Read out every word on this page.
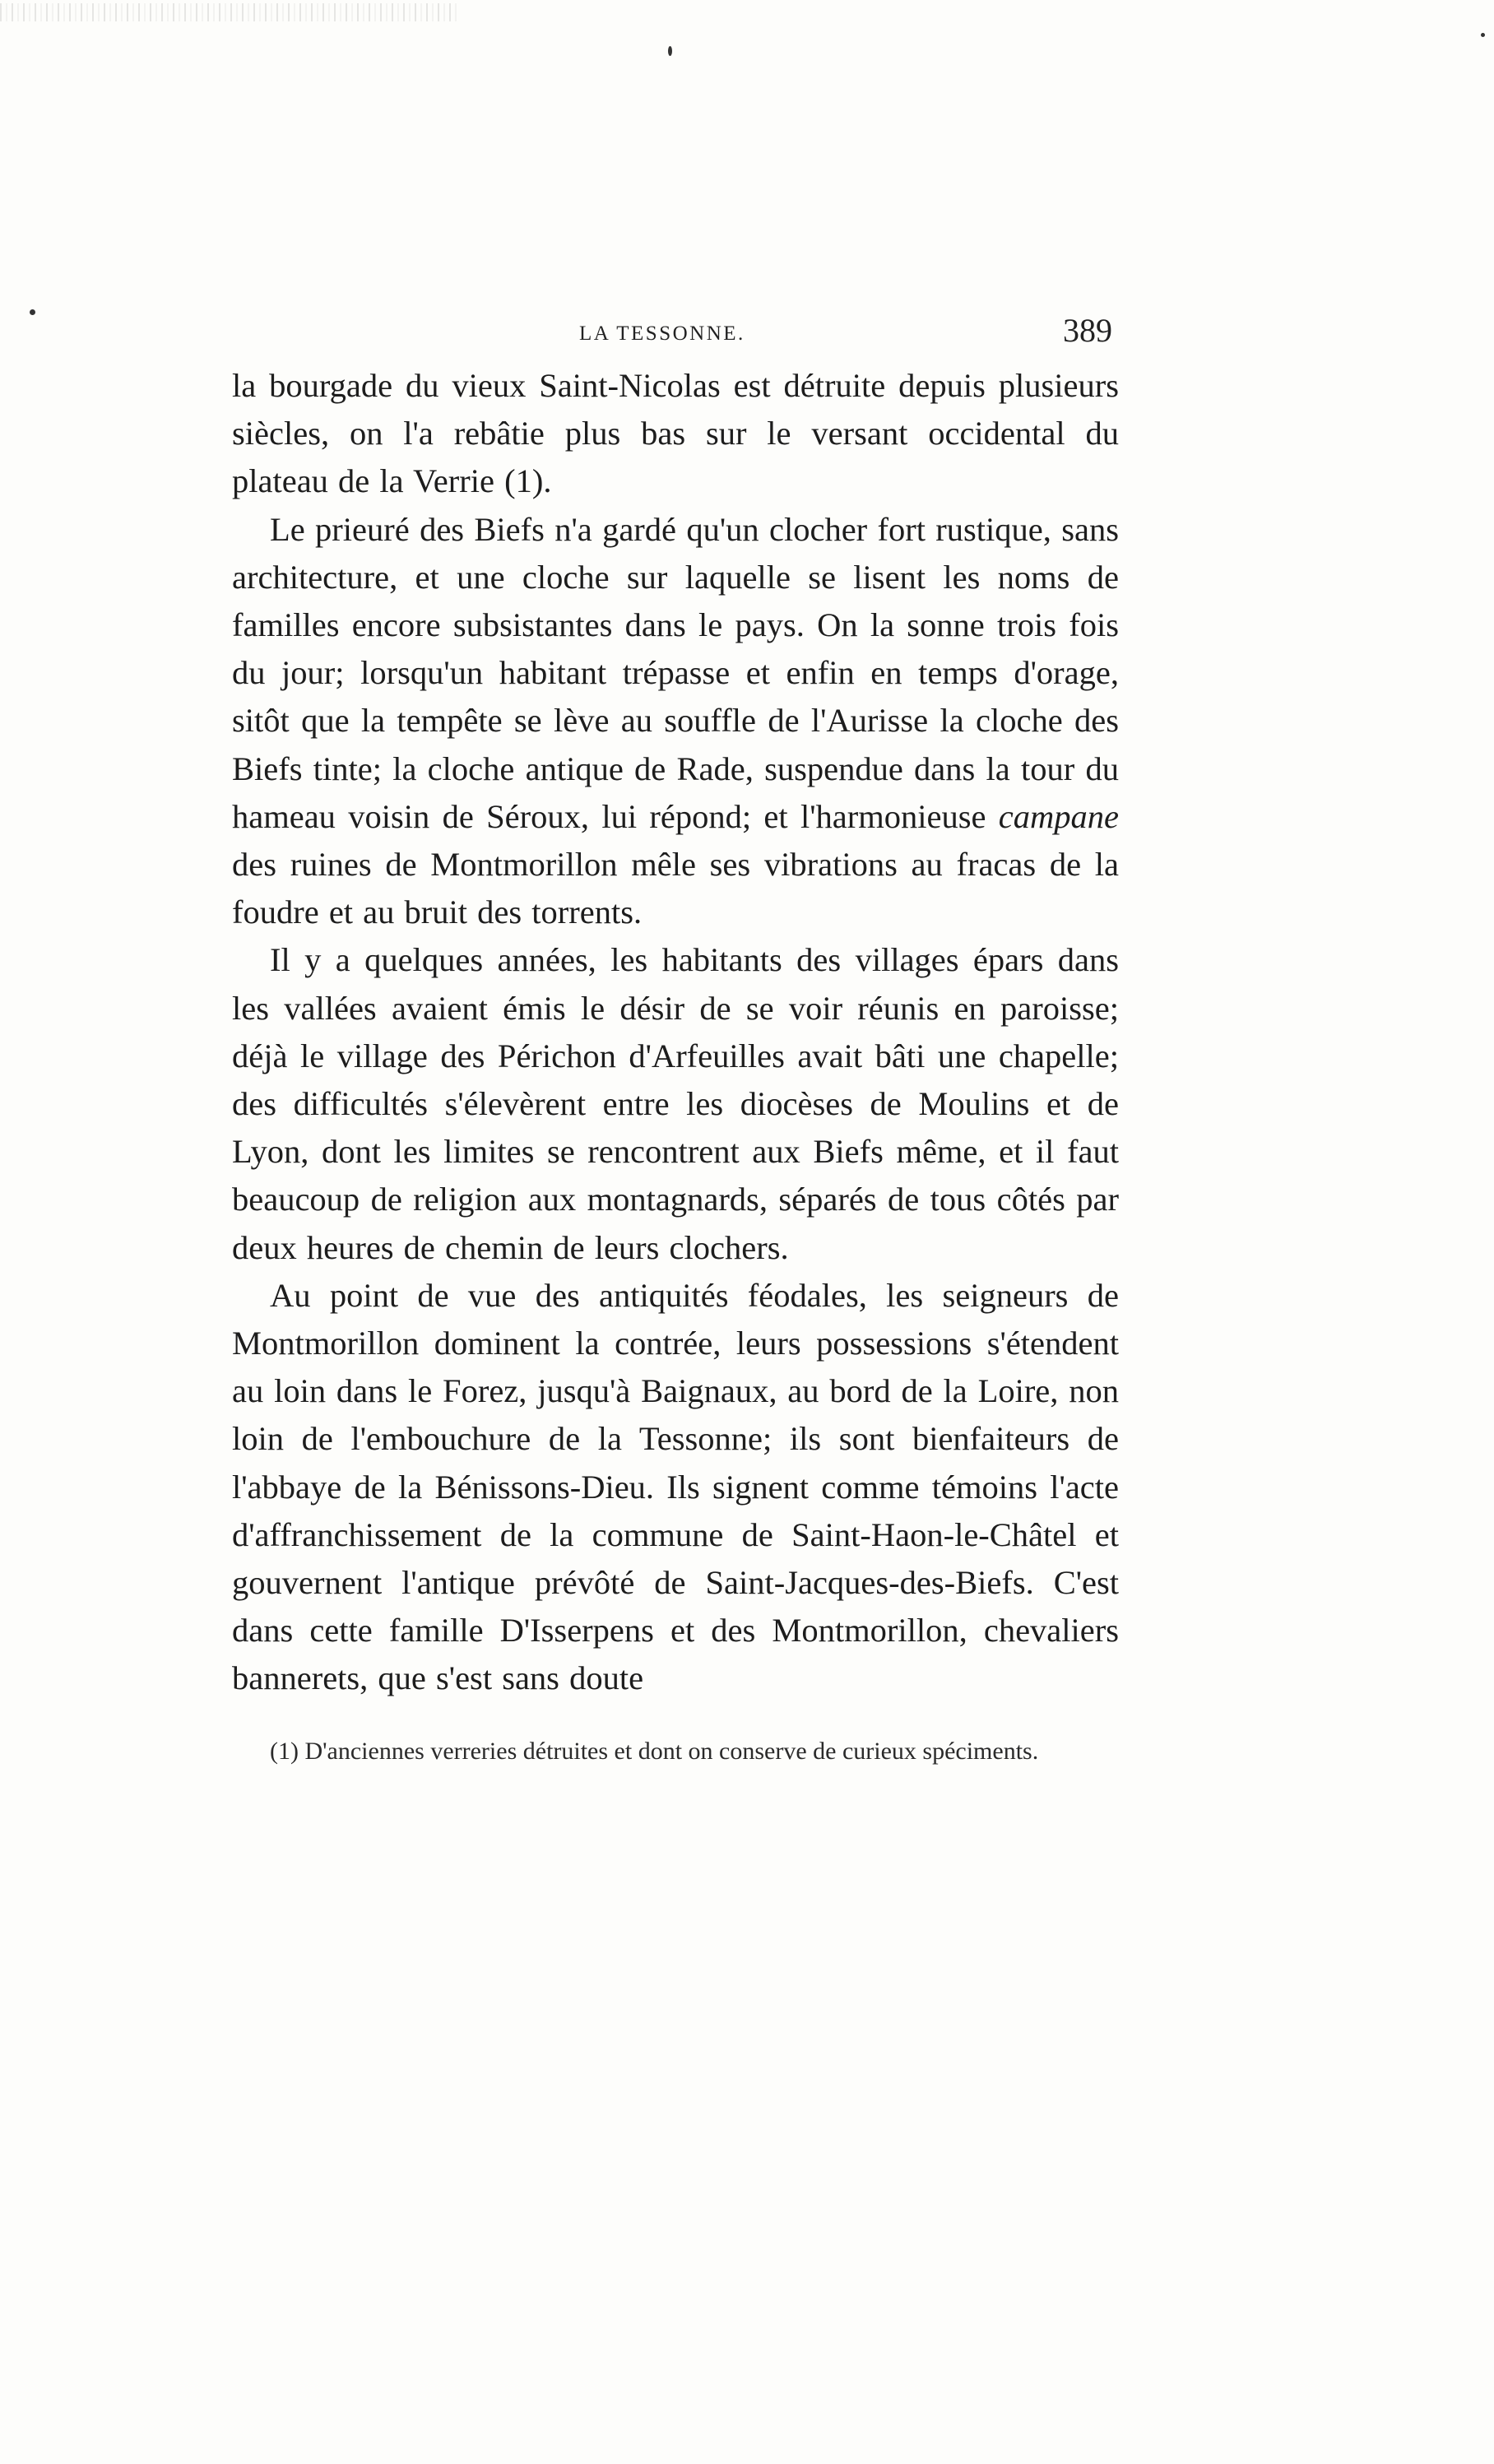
LA TESSONNE.	389

la bourgade du vieux Saint-Nicolas est détruite depuis plusieurs siècles, on l'a rebâtie plus bas sur le versant occidental du plateau de la Verrie (1).

Le prieuré des Biefs n'a gardé qu'un clocher fort rustique, sans architecture, et une cloche sur laquelle se lisent les noms de familles encore subsistantes dans le pays. On la sonne trois fois du jour; lorsqu'un habitant trépasse et enfin en temps d'orage, sitôt que la tempête se lève au souffle de l'Aurisse la cloche des Biefs tinte; la cloche antique de Rade, suspendue dans la tour du hameau voisin de Séroux, lui répond; et l'harmonieuse campane des ruines de Montmorillon mêle ses vibrations au fracas de la foudre et au bruit des torrents.

Il y a quelques années, les habitants des villages épars dans les vallées avaient émis le désir de se voir réunis en paroisse; déjà le village des Périchon d'Arfeuilles avait bâti une chapelle; des difficultés s'élevèrent entre les diocèses de Moulins et de Lyon, dont les limites se rencontrent aux Biefs même, et il faut beaucoup de religion aux montagnards, séparés de tous côtés par deux heures de chemin de leurs clochers.

Au point de vue des antiquités féodales, les seigneurs de Montmorillon dominent la contrée, leurs possessions s'étendent au loin dans le Forez, jusqu'à Baignaux, au bord de la Loire, non loin de l'embouchure de la Tessonne; ils sont bienfaiteurs de l'abbaye de la Bénissons-Dieu. Ils signent comme témoins l'acte d'affranchissement de la commune de Saint-Haon-le-Châtel et gouvernent l'antique prévôté de Saint-Jacques-des-Biefs. C'est dans cette famille D'Isserpens et des Montmorillon, chevaliers bannerets, que s'est sans doute

(1) D'anciennes verreries détruites et dont on conserve de curieux spéciments.
